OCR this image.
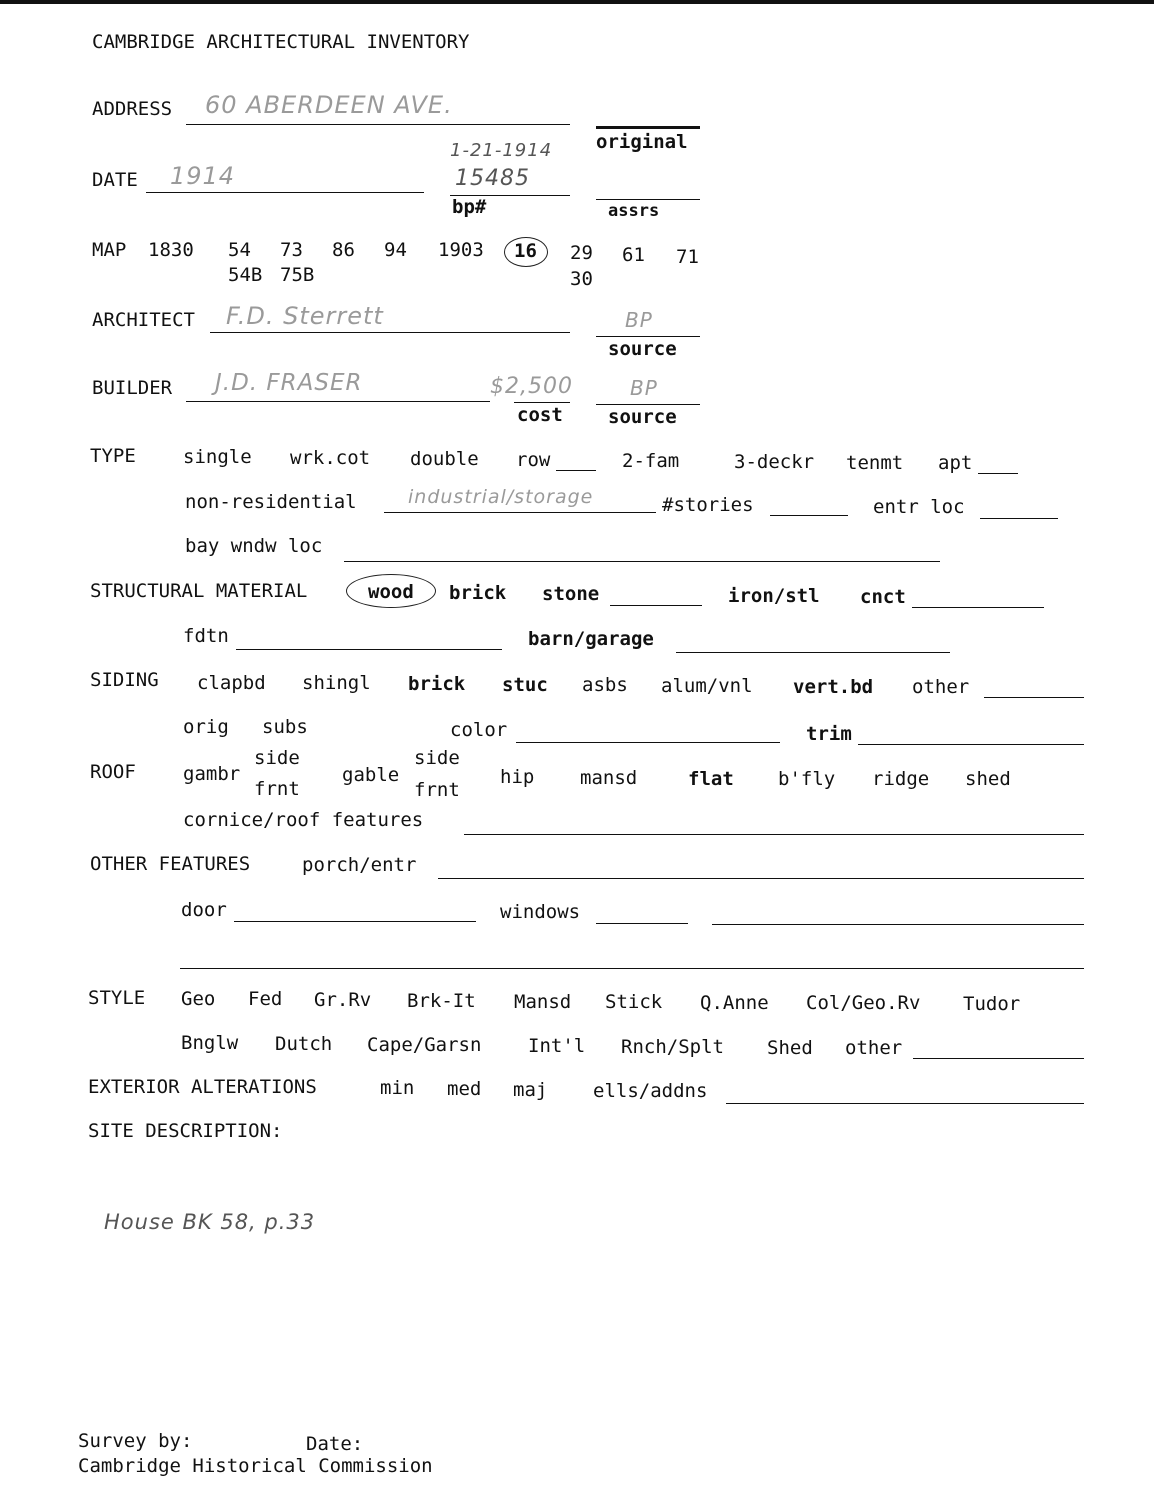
CAMBRIDGE ARCHITECTURAL INVENTORY
ADDRESS 60 ABERDEEN AVE.
original
DATE 1914
1-21-1914
15485
bp#	assrs
MAP 1830 54 73 86 94 1903 16 29 61 71
54B 75B	30
ARCHITECT F.D. Sterrett	BP
source
BUILDER J.D. FRASER	$2,500
cost
BP
source
TYPE single wrk.cot double row	2-fam	3-deckr tenmt apt
non-residential	industrial/storage	#stories	entr loc
bay wndw loc
STRUCTURAL MATERIAL	wood brick stone	iron/stl cnct
fdtn	barn/garage
SIDING clapbd shingl brick stuc asbs alum/vnl vert.bd other
orig subs	color	trim
ROOF gambr
side
frnt
gable
side
frnt
hip mansd	flat b'fly ridge shed
cornice/roof features
OTHER FEATURES	porch/entr
door	windows
STYLE Geo Fed Gr.Rv Brk-It Mansd Stick Q.Anne Col/Geo.Rv Tudor
Bnglw Dutch Cape/Garsn Int'l Rnch/Splt Shed other
EXTERIOR ALTERATIONS	min med maj ells/addns
SITE DESCRIPTION:
House BK 58, p.33
Survey by:	Date:
Cambridge Historical Commission
